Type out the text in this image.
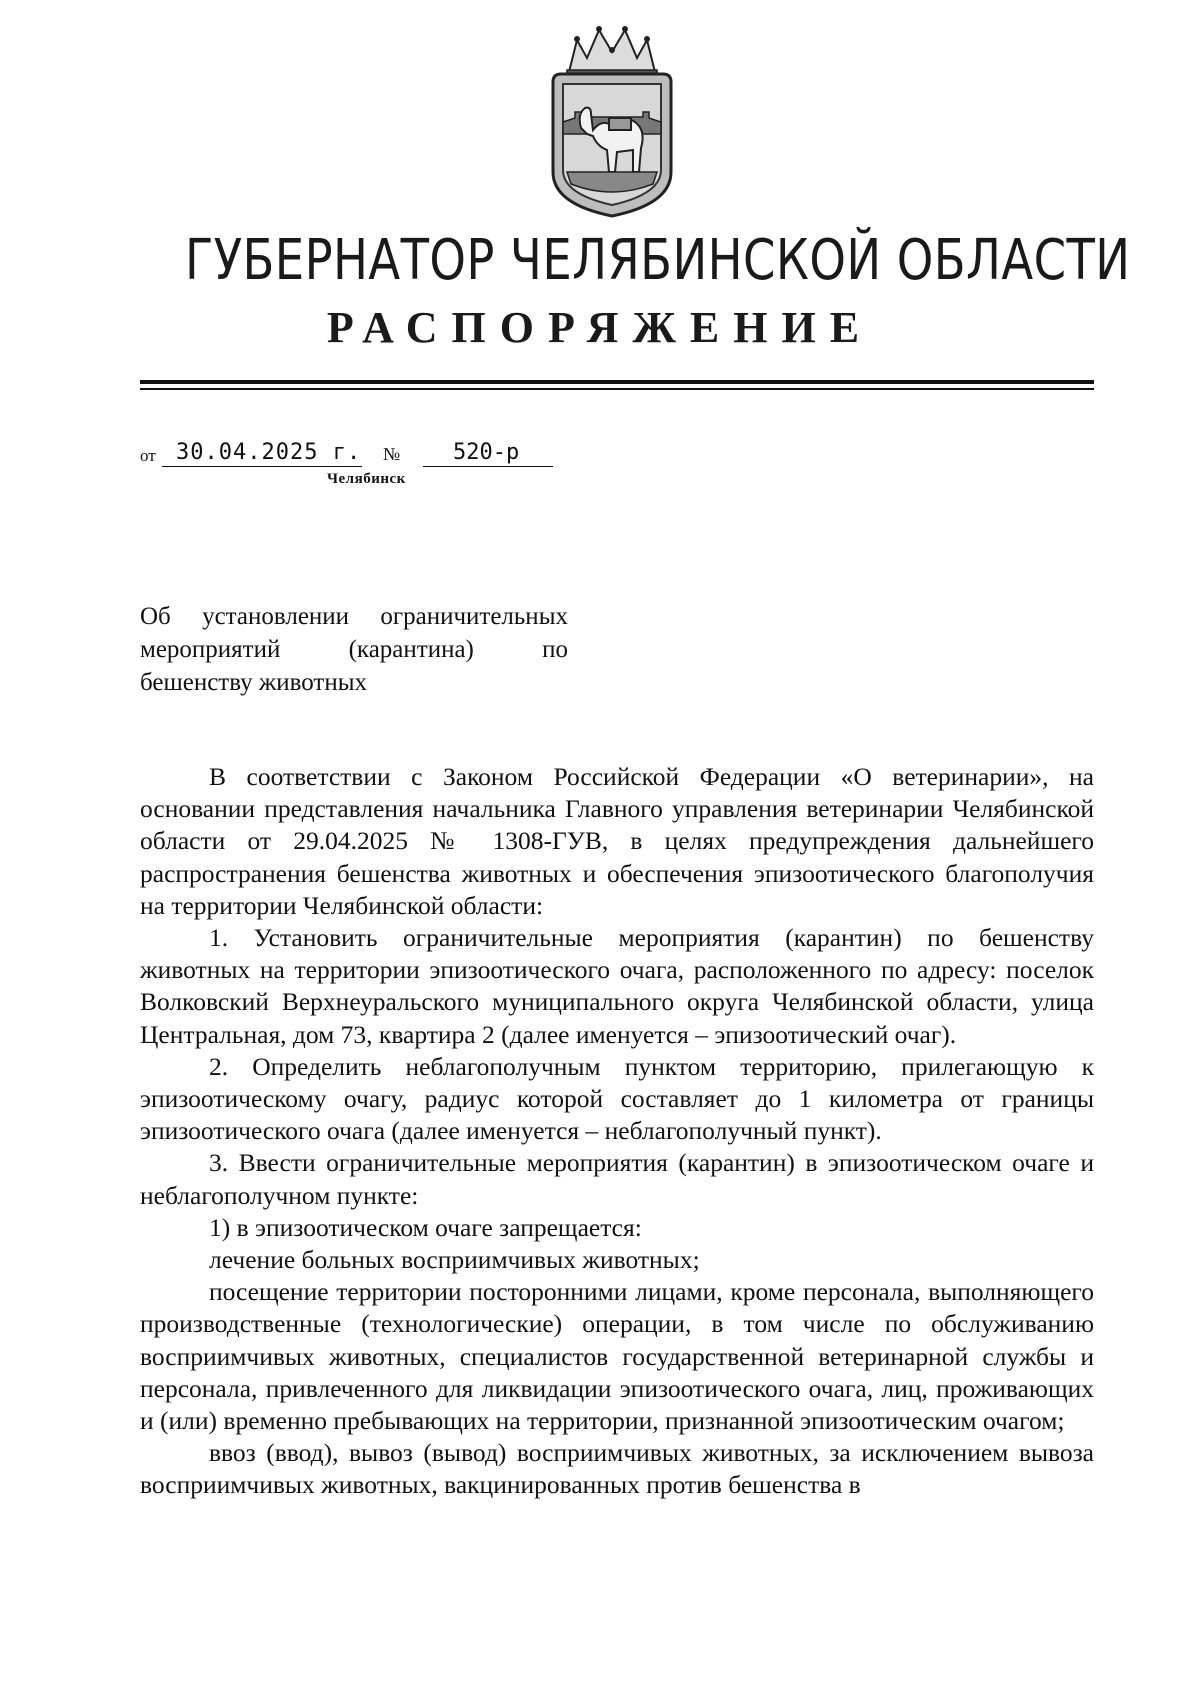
ГУБЕРНАТОР ЧЕЛЯБИНСКОЙ ОБЛАСТИ
РАСПОРЯЖЕНИЕ
от 30.04.2025 г. №	520-р
Челябинск

Об установлении ограничительных

мероприятий (карантина) по

бешенству животных

В соответствии с Законом Российской Федерации «О ветеринарии», на основании представления начальника Главного управления ветеринарии Челябинской области от 29.04.2025 № 1308-ГУВ, в целях предупреждения дальнейшего распространения бешенства животных и обеспечения эпизоотического благополучия на территории Челябинской области:

1. Установить ограничительные мероприятия (карантин) по бешенству животных на территории эпизоотического очага, расположенного по адресу: поселок Волковский Верхнеуральского муниципального округа Челябинской области, улица Центральная, дом 73, квартира 2 (далее именуется – эпизоотический очаг).

2. Определить неблагополучным пунктом территорию, прилегающую к эпизоотическому очагу, радиус которой составляет до 1 километра от границы эпизоотического очага (далее именуется – неблагополучный пункт).

3. Ввести ограничительные мероприятия (карантин) в эпизоотическом очаге и неблагополучном пункте:

1) в эпизоотическом очаге запрещается:

лечение больных восприимчивых животных;

посещение территории посторонними лицами, кроме персонала, выполняющего производственные (технологические) операции, в том числе по обслуживанию восприимчивых животных, специалистов государственной ветеринарной службы и персонала, привлеченного для ликвидации эпизоотического очага, лиц, проживающих и (или) временно пребывающих на территории, признанной эпизоотическим очагом;

ввоз (ввод), вывоз (вывод) восприимчивых животных, за исключением вывоза восприимчивых животных, вакцинированных против бешенства в
